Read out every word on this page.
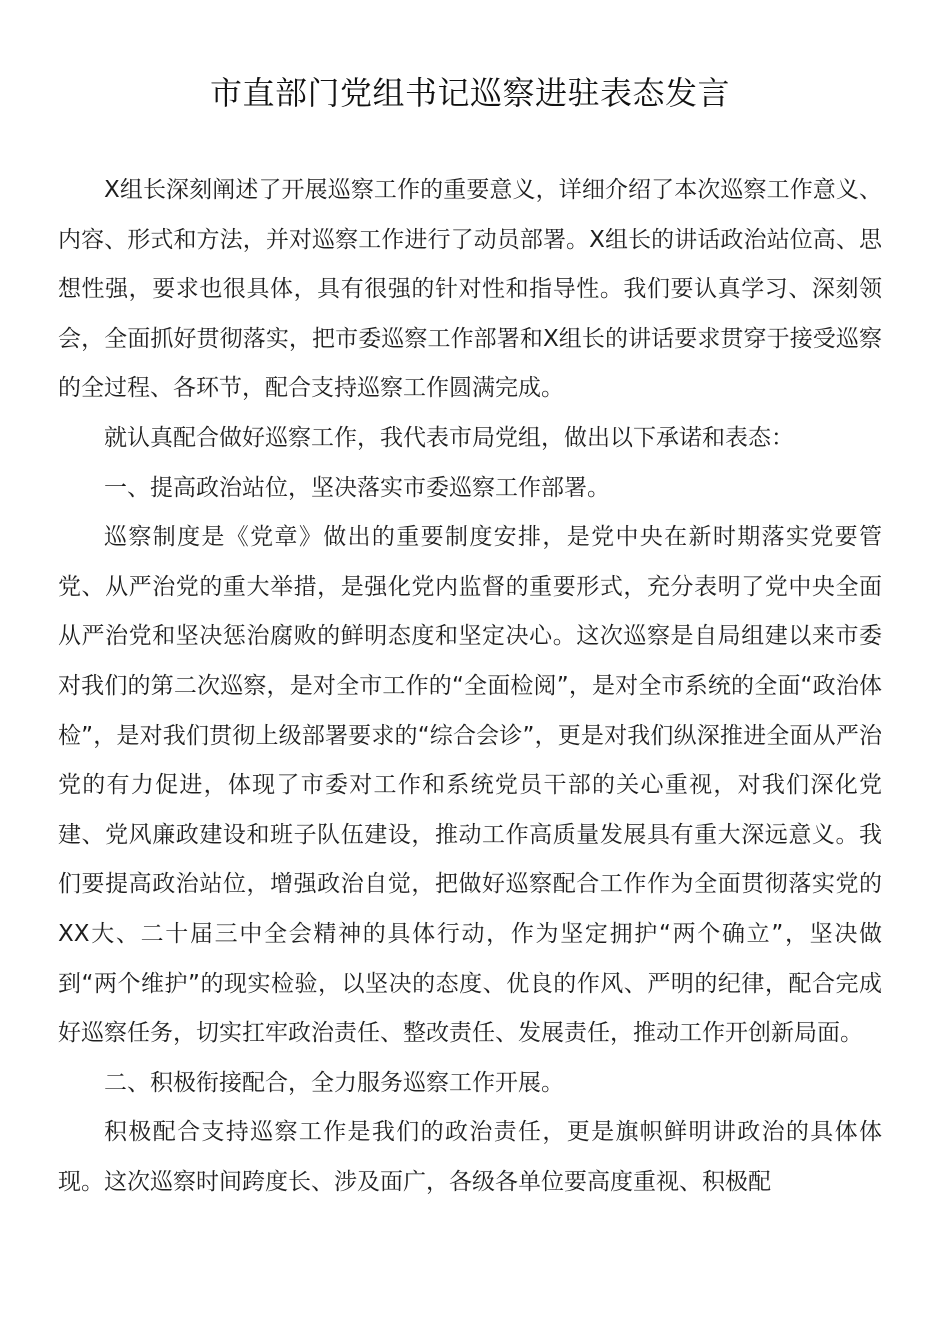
市直部门党组书记巡察进驻表态发言

X组长深刻阐述了开展巡察工作的重要意义，详细介绍了本次巡察工作意义、内容、形式和方法，并对巡察工作进行了动员部署。X组长的讲话政治站位高、思想性强，要求也很具体，具有很强的针对性和指导性。我们要认真学习、深刻领会，全面抓好贯彻落实，把市委巡察工作部署和X组长的讲话要求贯穿于接受巡察的全过程、各环节，配合支持巡察工作圆满完成。

就认真配合做好巡察工作，我代表市局党组，做出以下承诺和表态：

一、提高政治站位，坚决落实市委巡察工作部署。

巡察制度是《党章》做出的重要制度安排，是党中央在新时期落实党要管党、从严治党的重大举措，是强化党内监督的重要形式，充分表明了党中央全面从严治党和坚决惩治腐败的鲜明态度和坚定决心。这次巡察是自局组建以来市委对我们的第二次巡察，是对全市工作的“全面检阅”，是对全市系统的全面“政治体检”，是对我们贯彻上级部署要求的“综合会诊”，更是对我们纵深推进全面从严治党的有力促进，体现了市委对工作和系统党员干部的关心重视，对我们深化党建、党风廉政建设和班子队伍建设，推动工作高质量发展具有重大深远意义。我们要提高政治站位，增强政治自觉，把做好巡察配合工作作为全面贯彻落实党的XX大、二十届三中全会精神的具体行动，作为坚定拥护“两个确立”，坚决做到“两个维护”的现实检验，以坚决的态度、优良的作风、严明的纪律，配合完成好巡察任务，切实扛牢政治责任、整改责任、发展责任，推动工作开创新局面。

二、积极衔接配合，全力服务巡察工作开展。

积极配合支持巡察工作是我们的政治责任，更是旗帜鲜明讲政治的具体体现。这次巡察时间跨度长、涉及面广，各级各单位要高度重视、积极配
